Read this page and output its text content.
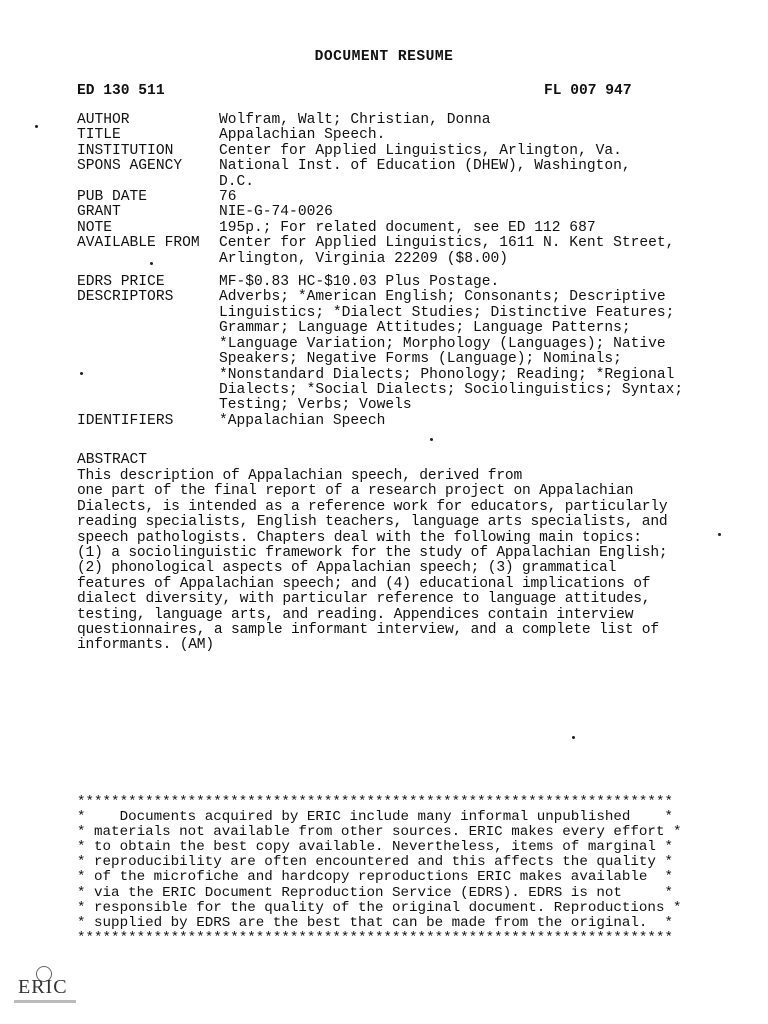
DOCUMENT RESUME
ED 130 511	FL 007 947
AUTHOR	Wolfram, Walt; Christian, Donna
TITLE	Appalachian Speech.
INSTITUTION	Center for Applied Linguistics, Arlington, Va.
SPONS AGENCY	National Inst. of Education (DHEW), Washington,
D.C.
PUB DATE	76
GRANT	NIE-G-74-0026
NOTE	195p.; For related document, see ED 112 687
AVAILABLE FROM	Center for Applied Linguistics, 1611 N. Kent Street,
Arlington, Virginia 22209 ($8.00)
EDRS PRICE	MF-$0.83 HC-$10.03 Plus Postage.
DESCRIPTORS	Adverbs; *American English; Consonants; Descriptive
Linguistics; *Dialect Studies; Distinctive Features;
Grammar; Language Attitudes; Language Patterns;
*Language Variation; Morphology (Languages); Native
Speakers; Negative Forms (Language); Nominals;
*Nonstandard Dialects; Phonology; Reading; *Regional
Dialects; *Social Dialects; Sociolinguistics; Syntax;
Testing; Verbs; Vowels
IDENTIFIERS	*Appalachian Speech
ABSTRACT
This description of Appalachian speech, derived from
one part of the final report of a research project on Appalachian
Dialects, is intended as a reference work for educators, particularly
reading specialists, English teachers, language arts specialists, and
speech pathologists. Chapters deal with the following main topics:
(1) a sociolinguistic framework for the study of Appalachian English;
(2) phonological aspects of Appalachian speech; (3) grammatical
features of Appalachian speech; and (4) educational implications of
dialect diversity, with particular reference to language attitudes,
testing, language arts, and reading. Appendices contain interview
questionnaires, a sample informant interview, and a complete list of
informants. (AM)
**********************************************************************
*    Documents acquired by ERIC include many informal unpublished    *
* materials not available from other sources. ERIC makes every effort *
* to obtain the best copy available. Nevertheless, items of marginal *
* reproducibility are often encountered and this affects the quality *
* of the microfiche and hardcopy reproductions ERIC makes available  *
* via the ERIC Document Reproduction Service (EDRS). EDRS is not     *
* responsible for the quality of the original document. Reproductions *
* supplied by EDRS are the best that can be made from the original.  *
**********************************************************************
ERIC
